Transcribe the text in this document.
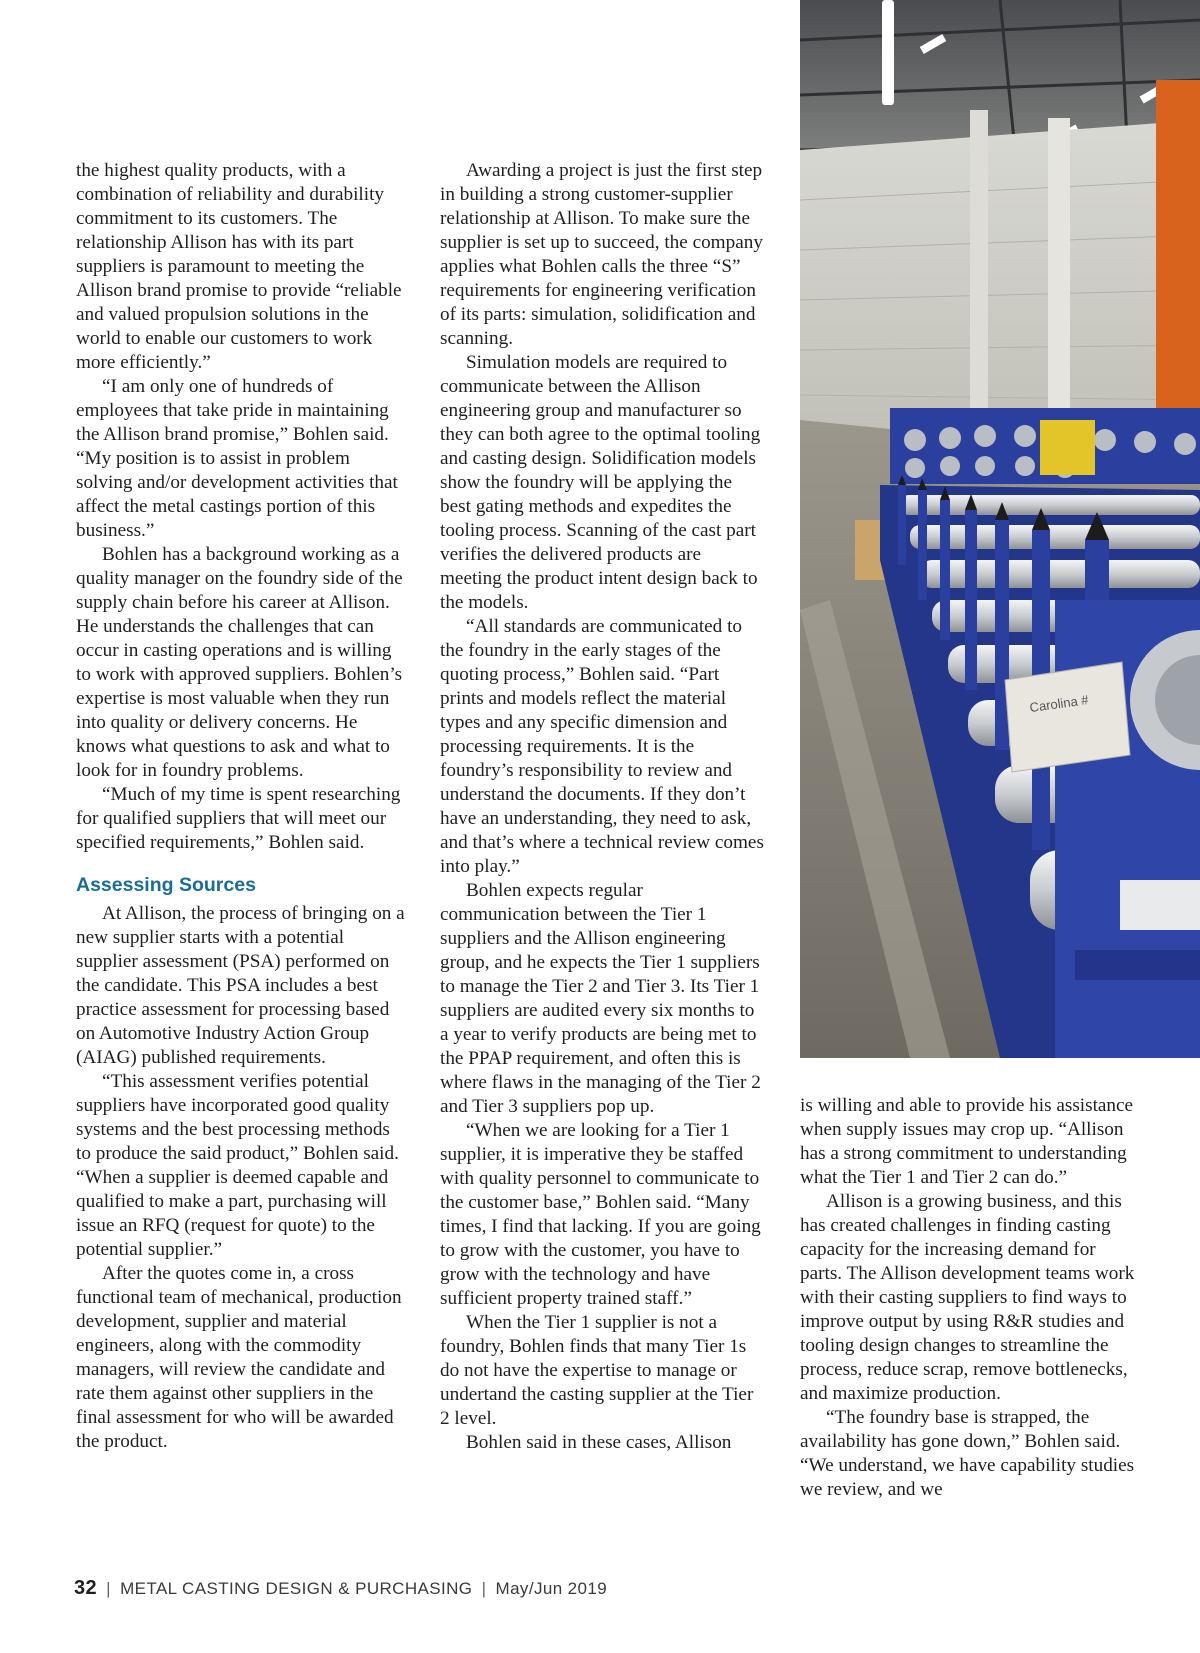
the highest quality products, with a combination of reliability and durability commitment to its customers. The relationship Allison has with its part suppliers is paramount to meeting the Allison brand promise to provide “reliable and valued propulsion solutions in the world to enable our customers to work more efficiently.”

“I am only one of hundreds of employees that take pride in maintaining the Allison brand promise,” Bohlen said. “My position is to assist in problem solving and/or development activities that affect the metal castings portion of this business.”

Bohlen has a background working as a quality manager on the foundry side of the supply chain before his career at Allison. He understands the challenges that can occur in casting operations and is willing to work with approved suppliers. Bohlen’s expertise is most valuable when they run into quality or delivery concerns. He knows what questions to ask and what to look for in foundry problems.

“Much of my time is spent researching for qualified suppliers that will meet our specified requirements,” Bohlen said.

Assessing Sources

At Allison, the process of bringing on a new supplier starts with a potential supplier assessment (PSA) performed on the candidate. This PSA includes a best practice assessment for processing based on Automotive Industry Action Group (AIAG) published requirements.

“This assessment verifies potential suppliers have incorporated good quality systems and the best processing methods to produce the said product,” Bohlen said. “When a supplier is deemed capable and qualified to make a part, purchasing will issue an RFQ (request for quote) to the potential supplier.”

After the quotes come in, a cross functional team of mechanical, production development, supplier and material engineers, along with the commodity managers, will review the candidate and rate them against other suppliers in the final assessment for who will be awarded the product.

Awarding a project is just the first step in building a strong customer-supplier relationship at Allison. To make sure the supplier is set up to succeed, the company applies what Bohlen calls the three “S” requirements for engineering verification of its parts: simulation, solidification and scanning.

Simulation models are required to communicate between the Allison engineering group and manufacturer so they can both agree to the optimal tooling and casting design. Solidification models show the foundry will be applying the best gating methods and expedites the tooling process. Scanning of the cast part verifies the delivered products are meeting the product intent design back to the models.

“All standards are communicated to the foundry in the early stages of the quoting process,” Bohlen said. “Part prints and models reflect the material types and any specific dimension and processing requirements. It is the foundry’s responsibility to review and understand the documents. If they don’t have an understanding, they need to ask, and that’s where a technical review comes into play.”

Bohlen expects regular communication between the Tier 1 suppliers and the Allison engineering group, and he expects the Tier 1 suppliers to manage the Tier 2 and Tier 3. Its Tier 1 suppliers are audited every six months to a year to verify products are being met to the PPAP requirement, and often this is where flaws in the managing of the Tier 2 and Tier 3 suppliers pop up.

“When we are looking for a Tier 1 supplier, it is imperative they be staffed with quality personnel to communicate to the customer base,” Bohlen said. “Many times, I find that lacking. If you are going to grow with the customer, you have to grow with the technology and have sufficient property trained staff.”

When the Tier 1 supplier is not a foundry, Bohlen finds that many Tier 1s do not have the expertise to manage or undertand the casting supplier at the Tier 2 level.

Bohlen said in these cases, Allison

Carolina #

is willing and able to provide his assistance when supply issues may crop up. “Allison has a strong commitment to understanding what the Tier 1 and Tier 2 can do.”

Allison is a growing business, and this has created challenges in finding casting capacity for the increasing demand for parts. The Allison development teams work with their casting suppliers to find ways to improve output by using R&R studies and tooling design changes to streamline the process, reduce scrap, remove bottlenecks, and maximize production.

“The foundry base is strapped, the availability has gone down,” Bohlen said. “We understand, we have capability studies we review, and we

32 | METAL CASTING DESIGN & PURCHASING | May/Jun 2019
